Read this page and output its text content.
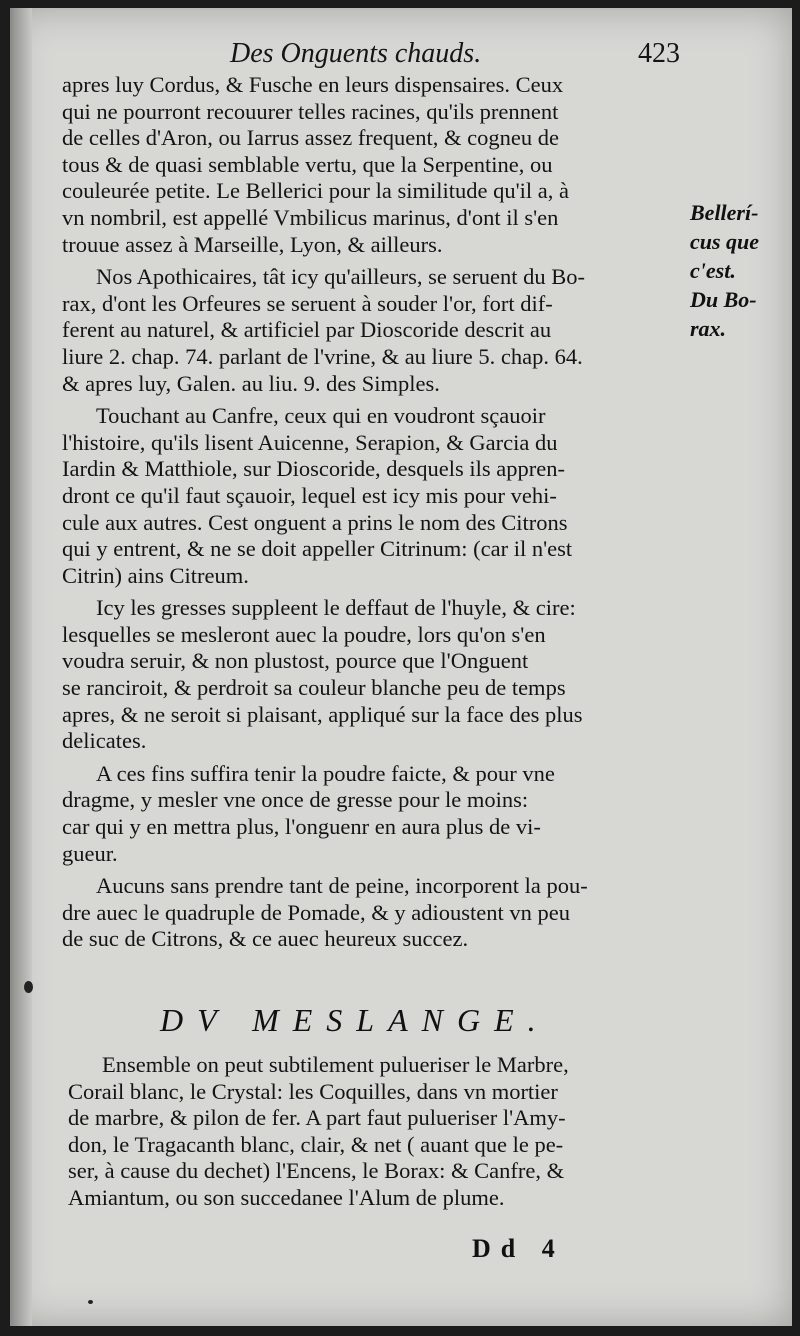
Des Onguents chauds.	423
apres luy Cordus, & Fusche en leurs dispensaires. Ceux
qui ne pourront recouurer telles racines, qu'ils prennent
de celles d'Aron, ou Iarrus assez frequent, & cogneu de
tous & de quasi semblable vertu, que la Serpentine, ou
couleurée petite. Le Bellerici pour la similitude qu'il a, à
vn nombril, est appellé Vmbilicus marinus, d'ont il s'en
trouue assez à Marseille, Lyon, & ailleurs.
Nos Apothicaires, tât icy qu'ailleurs, se seruent du Bo-
rax, d'ont les Orfeures se seruent à souder l'or, fort dif-
ferent au naturel, & artificiel par Dioscoride descrit au
liure 2. chap. 74. parlant de l'vrine, & au liure 5. chap. 64.
& apres luy, Galen. au liu. 9. des Simples.
Touchant au Canfre, ceux qui en voudront sçauoir
l'histoire, qu'ils lisent Auicenne, Serapion, & Garcia du
Iardin & Matthiole, sur Dioscoride, desquels ils appren-
dront ce qu'il faut sçauoir, lequel est icy mis pour vehi-
cule aux autres. Cest onguent a prins le nom des Citrons
qui y entrent, & ne se doit appeller Citrinum: (car il n'est
Citrin) ains Citreum.
Icy les gresses suppleent le deffaut de l'huyle, & cire:
lesquelles se mesleront auec la poudre, lors qu'on s'en
voudra seruir, & non plustost, pource que l'Onguent
se ranciroit, & perdroit sa couleur blanche peu de temps
apres, & ne seroit si plaisant, appliqué sur la face des plus
delicates.
A ces fins suffira tenir la poudre faicte, & pour vne
dragme, y mesler vne once de gresse pour le moins:
car qui y en mettra plus, l'onguenr en aura plus de vi-
gueur.
Aucuns sans prendre tant de peine, incorporent la pou-
dre auec le quadruple de Pomade, & y adioustent vn peu
de suc de Citrons, & ce auec heureux succez.
Bellerí-
cus que
c'est.
Du Bo-
rax.
DV MESLANGE.
Ensemble on peut subtilement pulueriser le Marbre,
Corail blanc, le Crystal: les Coquilles, dans vn mortier
de marbre, & pilon de fer. A part faut pulueriser l'Amy-
don, le Tragacanth blanc, clair, & net ( auant que le pe-
ser, à cause du dechet) l'Encens, le Borax: & Canfre, &
Amiantum, ou son succedanee l'Alum de plume.
Dd 4
